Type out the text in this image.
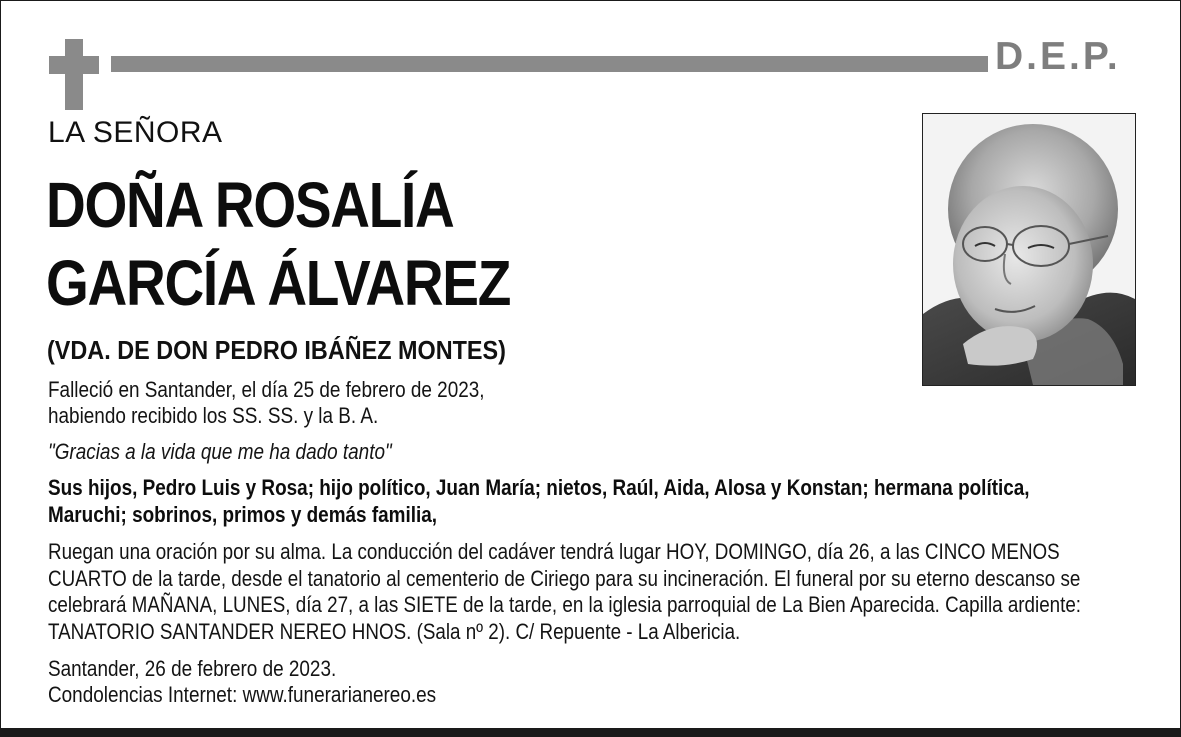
D.E.P.
LA SEÑORA
DOÑA ROSALÍA
GARCÍA ÁLVAREZ
(VDA. DE DON PEDRO IBÁÑEZ MONTES)
Falleció en Santander, el día 25 de febrero de 2023,
habiendo recibido los SS. SS. y la B. A.
"Gracias a la vida que me ha dado tanto"
Sus hijos, Pedro Luis y Rosa; hijo político, Juan María; nietos, Raúl, Aida, Alosa y Konstan; hermana política, Maruchi; sobrinos, primos y demás familia,
Ruegan una oración por su alma. La conducción del cadáver tendrá lugar HOY, DOMINGO, día 26, a las CINCO MENOS CUARTO de la tarde, desde el tanatorio al cementerio de Ciriego para su incineración. El funeral por su eterno descanso se celebrará MAÑANA, LUNES, día 27, a las SIETE de la tarde, en la iglesia parroquial de La Bien Aparecida. Capilla ardiente: TANATORIO SANTANDER NEREO HNOS. (Sala nº 2). C/ Repuente - La Albericia.
Santander, 26 de febrero de 2023.
Condolencias Internet: www.funerarianereo.es
